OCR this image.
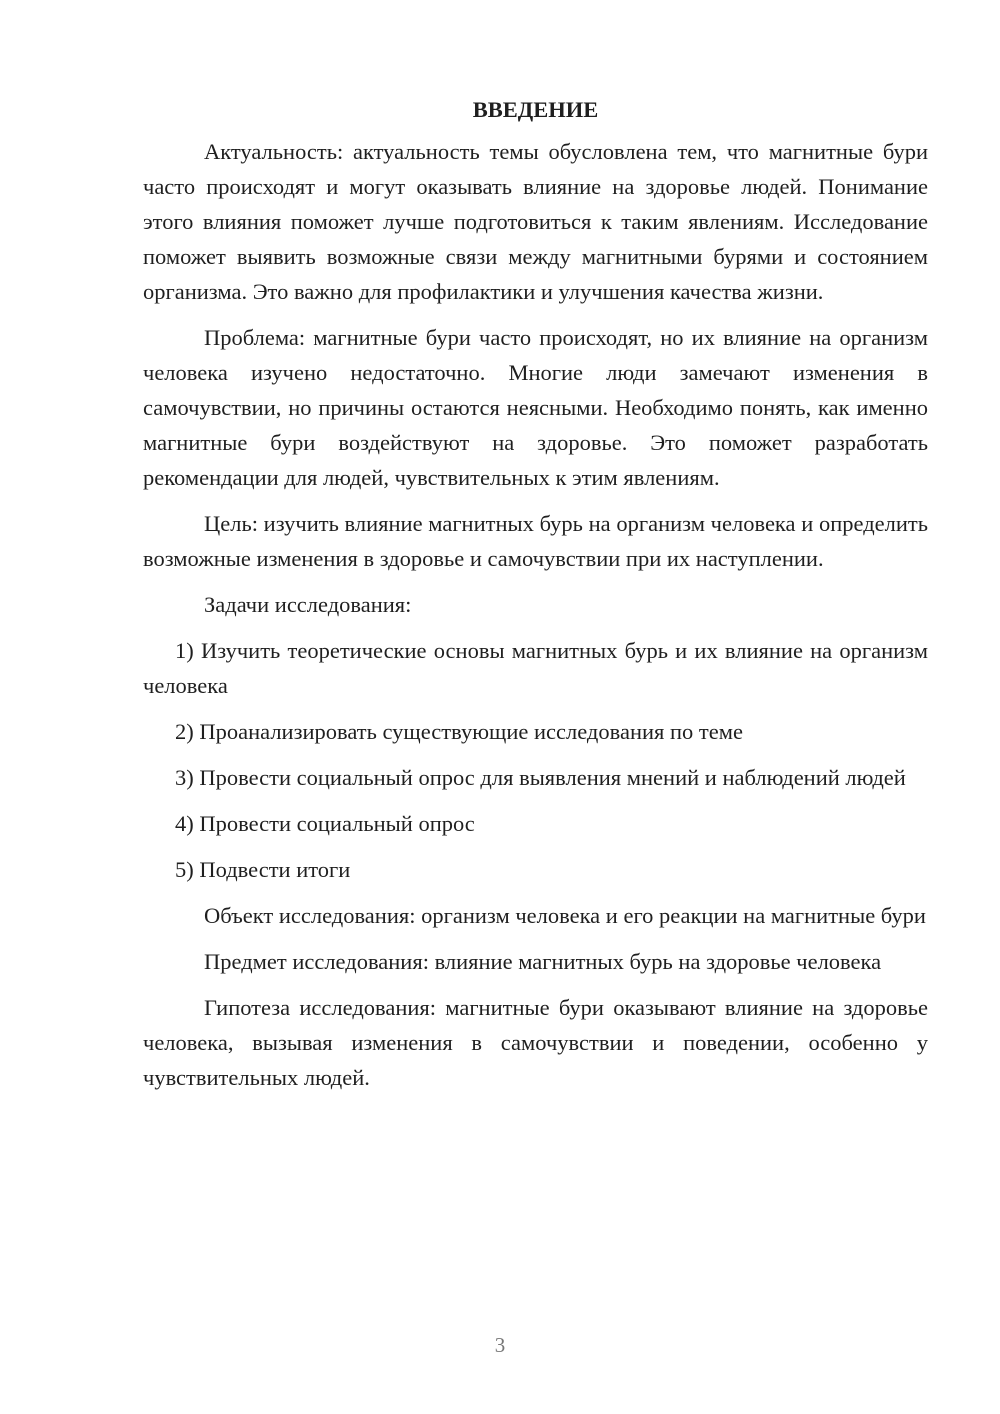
ВВЕДЕНИЕ

Актуальность: актуальность темы обусловлена тем, что магнитные бури часто происходят и могут оказывать влияние на здоровье людей. Понимание этого влияния поможет лучше подготовиться к таким явлениям. Исследование поможет выявить возможные связи между магнитными бурями и состоянием организма. Это важно для профилактики и улучшения качества жизни.

Проблема: магнитные бури часто происходят, но их влияние на организм человека изучено недостаточно. Многие люди замечают изменения в самочувствии, но причины остаются неясными. Необходимо понять, как именно магнитные бури воздействуют на здоровье. Это поможет разработать рекомендации для людей, чувствительных к этим явлениям.

Цель: изучить влияние магнитных бурь на организм человека и определить возможные изменения в здоровье и самочувствии при их наступлении.

Задачи исследования:

1) Изучить теоретические основы магнитных бурь и их влияние на организм человека

2) Проанализировать существующие исследования по теме

3) Провести социальный опрос для выявления мнений и наблюдений людей

4) Провести социальный опрос

5) Подвести итоги

Объект исследования: организм человека и его реакции на магнитные бури

Предмет исследования: влияние магнитных бурь на здоровье человека

Гипотеза исследования: магнитные бури оказывают влияние на здоровье человека, вызывая изменения в самочувствии и поведении, особенно у чувствительных людей.

3
